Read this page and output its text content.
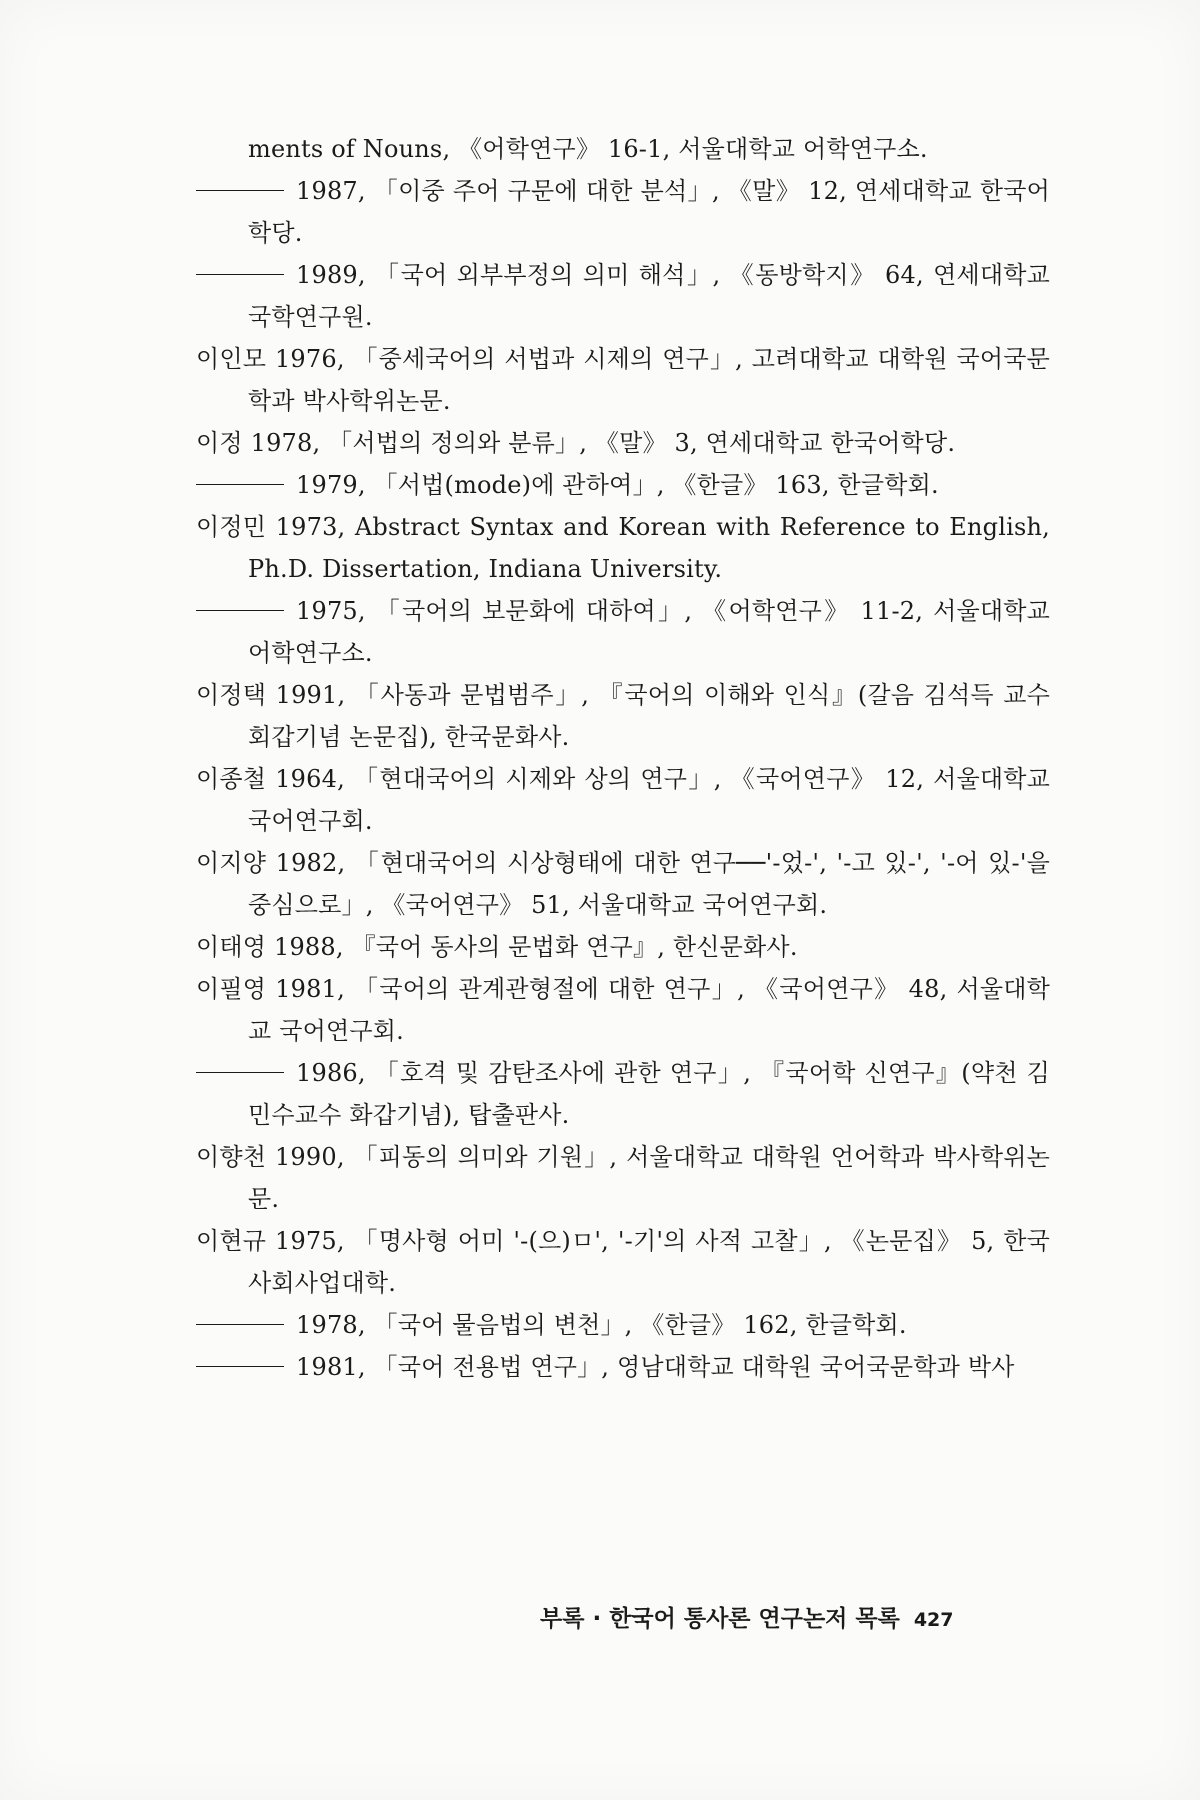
ments of Nouns, 《어학연구》 16-1, 서울대학교 어학연구소.
1987, 「이중 주어 구문에 대한 분석」, 《말》 12, 연세대학교 한국어학당.
1989, 「국어 외부부정의 의미 해석」, 《동방학지》 64, 연세대학교 국학연구원.
이인모 1976, 「중세국어의 서법과 시제의 연구」, 고려대학교 대학원 국어국문학과 박사학위논문.
이정 1978, 「서법의 정의와 분류」, 《말》 3, 연세대학교 한국어학당.
1979, 「서법(mode)에 관하여」, 《한글》 163, 한글학회.
이정민 1973, Abstract Syntax and Korean with Reference to English, Ph.D. Dissertation, Indiana University.
1975, 「국어의 보문화에 대하여」, 《어학연구》 11-2, 서울대학교 어학연구소.
이정택 1991, 「사동과 문법범주」, 『국어의 이해와 인식』(갈음 김석득 교수 회갑기념 논문집), 한국문화사.
이종철 1964, 「현대국어의 시제와 상의 연구」, 《국어연구》 12, 서울대학교 국어연구회.
이지양 1982, 「현대국어의 시상형태에 대한 연구──'-었-', '-고 있-', '-어 있-'을 중심으로」, 《국어연구》 51, 서울대학교 국어연구회.
이태영 1988, 『국어 동사의 문법화 연구』, 한신문화사.
이필영 1981, 「국어의 관계관형절에 대한 연구」, 《국어연구》 48, 서울대학교 국어연구회.
1986, 「호격 및 감탄조사에 관한 연구」, 『국어학 신연구』(약천 김민수교수 화갑기념), 탑출판사.
이향천 1990, 「피동의 의미와 기원」, 서울대학교 대학원 언어학과 박사학위논문.
이현규 1975, 「명사형 어미 '-(으)ㅁ', '-기'의 사적 고찰」, 《논문집》 5, 한국사회사업대학.
1978, 「국어 물음법의 변천」, 《한글》 162, 한글학회.
1981, 「국어 전용법 연구」, 영남대학교 대학원 국어국문학과 박사
부록 · 한국어 통사론 연구논저 목록 427
